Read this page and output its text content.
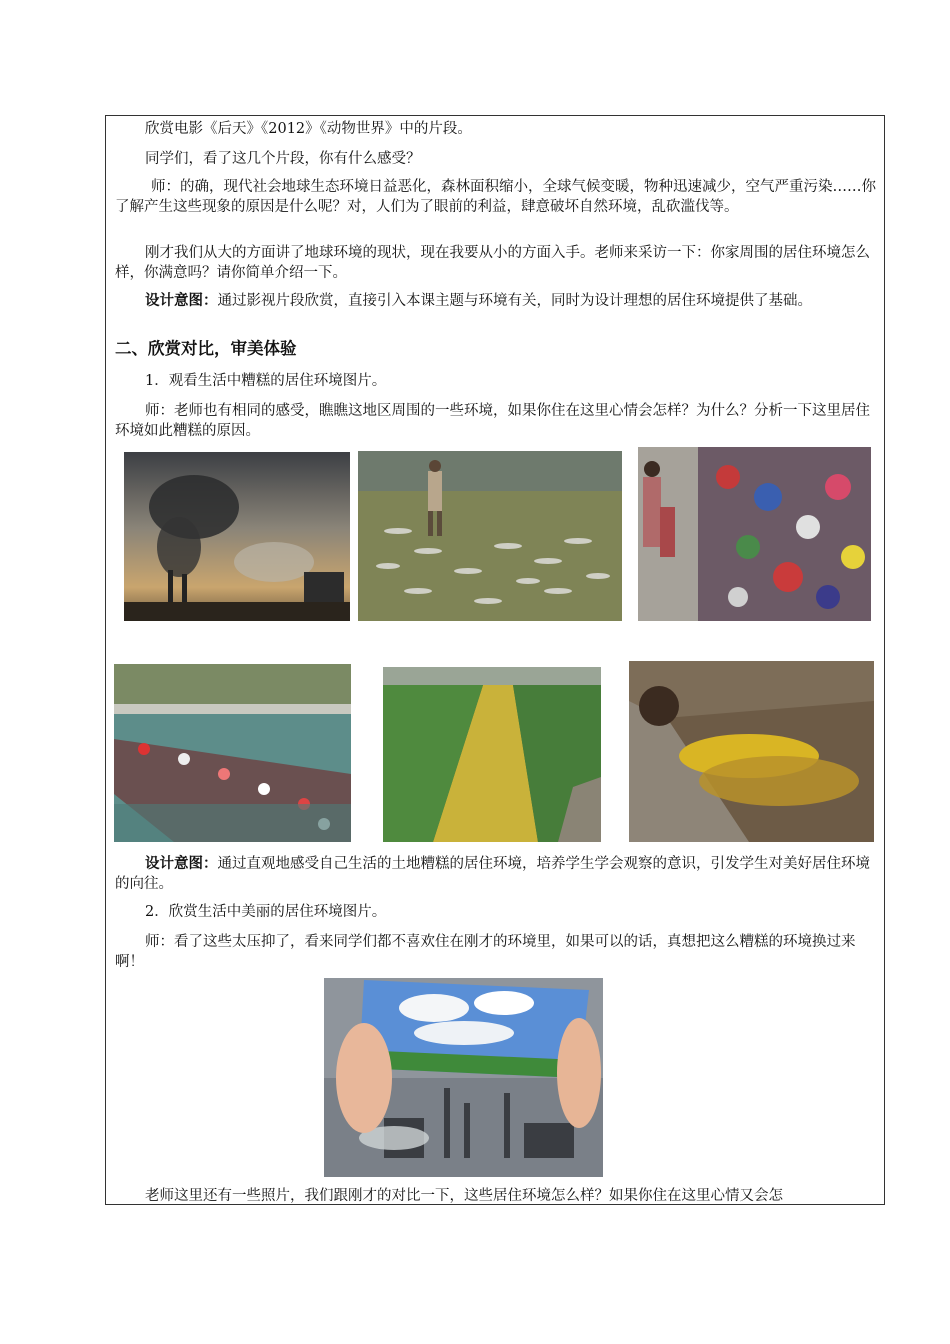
欣赏电影《后天》《2012》《动物世界》中的片段。

同学们，看了这几个片段，你有什么感受？

师：的确，现代社会地球生态环境日益恶化，森林面积缩小，全球气候变暖，物种迅速减少，空气严重污染……你了解产生这些现象的原因是什么呢？对，人们为了眼前的利益，肆意破坏自然环境，乱砍滥伐等。

刚才我们从大的方面讲了地球环境的现状，现在我要从小的方面入手。老师来采访一下：你家周围的居住环境怎么样，你满意吗？请你简单介绍一下。

设计意图：通过影视片段欣赏，直接引入本课主题与环境有关，同时为设计理想的居住环境提供了基础。

二、欣赏对比，审美体验

1．观看生活中糟糕的居住环境图片。

师：老师也有相同的感受，瞧瞧这地区周围的一些环境，如果你住在这里心情会怎样？为什么？分析一下这里居住环境如此糟糕的原因。

设计意图：通过直观地感受自己生活的土地糟糕的居住环境，培养学生学会观察的意识，引发学生对美好居住环境的向往。

2．欣赏生活中美丽的居住环境图片。

师：看了这些太压抑了，看来同学们都不喜欢住在刚才的环境里，如果可以的话，真想把这么糟糕的环境换过来啊！

老师这里还有一些照片，我们跟刚才的对比一下，这些居住环境怎么样？如果你住在这里心情又会怎
